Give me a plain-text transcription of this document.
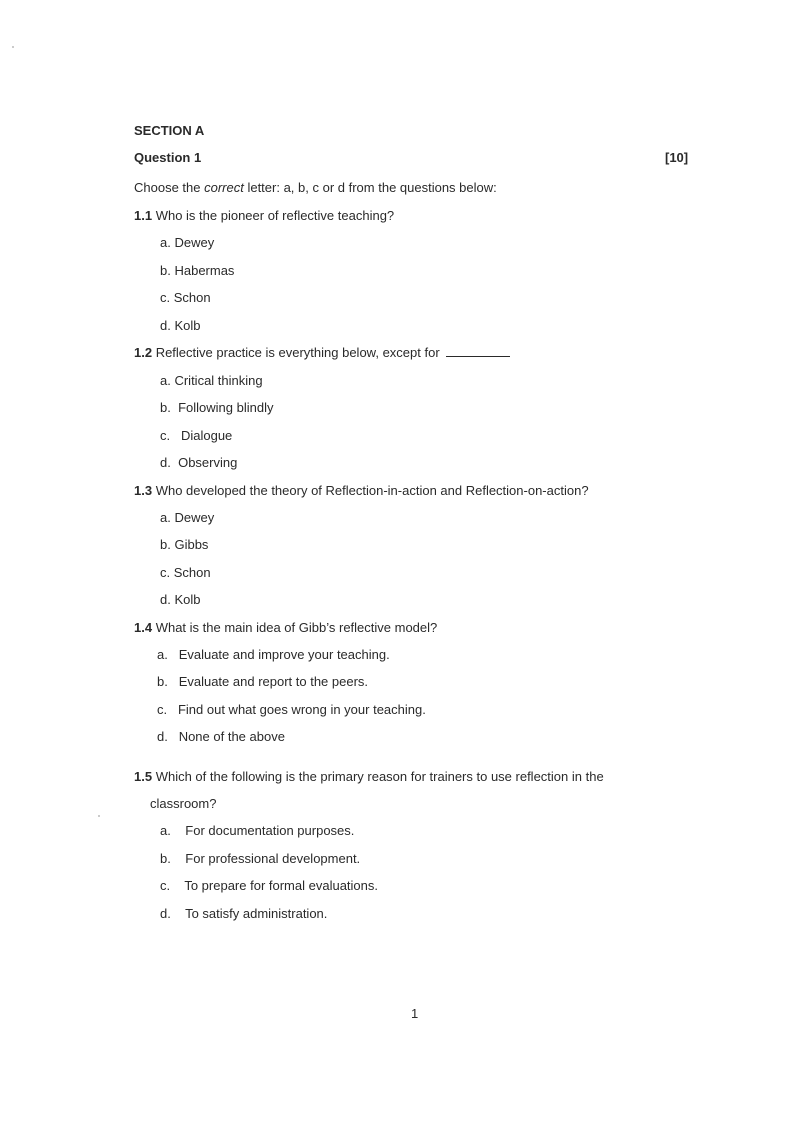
SECTION A
Question 1	[10]
Choose the correct letter: a, b, c or d from the questions below:
1.1 Who is the pioneer of reflective teaching?
a. Dewey
b. Habermas
c. Schon
d. Kolb
1.2 Reflective practice is everything below, except for
a. Critical thinking
b. Following blindly
c. Dialogue
d. Observing
1.3 Who developed the theory of Reflection-in-action and Reflection-on-action?
a. Dewey
b. Gibbs
c. Schon
d. Kolb
1.4 What is the main idea of Gibb’s reflective model?
a. Evaluate and improve your teaching.
b. Evaluate and report to the peers.
c. Find out what goes wrong in your teaching.
d. None of the above
1.5 Which of the following is the primary reason for trainers to use reflection in the
classroom?
a. For documentation purposes.
b. For professional development.
c. To prepare for formal evaluations.
d. To satisfy administration.
1
